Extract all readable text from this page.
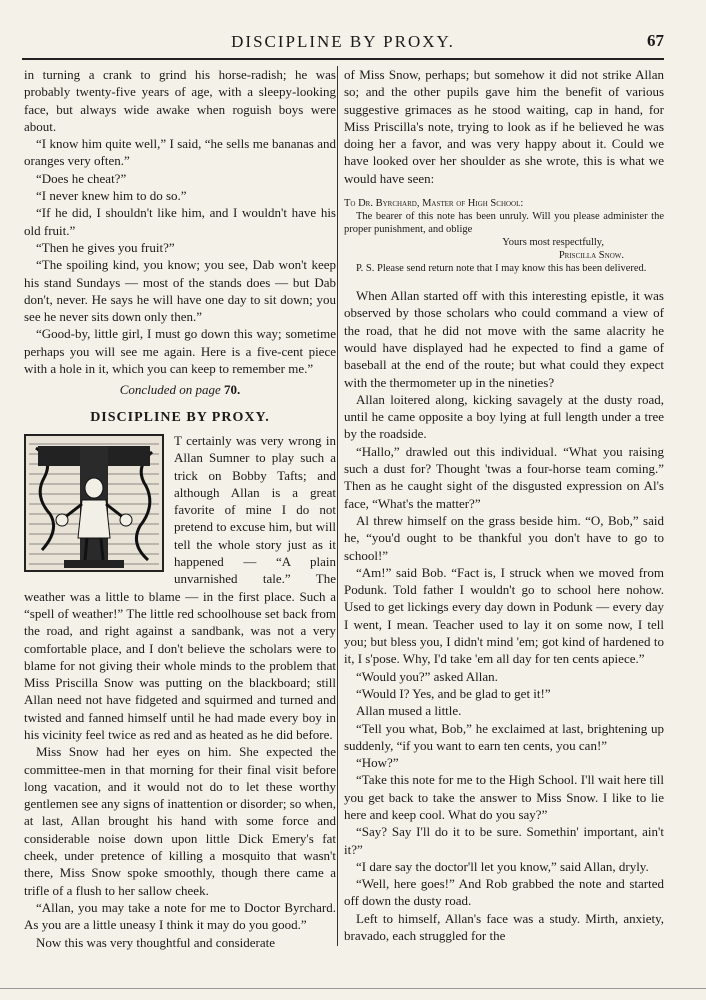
DISCIPLINE BY PROXY.	67

in turning a crank to grind his horse-radish; he was probably twenty-five years of age, with a sleepy-looking face, but always wide awake when roguish boys were about.

“I know him quite well,” I said, “he sells me bananas and oranges very often.”

“Does he cheat?”

“I never knew him to do so.”

“If he did, I shouldn't like him, and I wouldn't have his old fruit.”

“Then he gives you fruit?”

“The spoiling kind, you know; you see, Dab won't keep his stand Sundays — most of the stands does — but Dab don't, never. He says he will have one day to sit down; you see he never sits down only then.”

“Good-by, little girl, I must go down this way; sometime perhaps you will see me again. Here is a five-cent piece with a hole in it, which you can keep to remember me.”

Concluded on page 70.

DISCIPLINE BY PROXY.

T certainly was very wrong in Allan Sumner to play such a trick on Bobby Tafts; and although Allan is a great favorite of mine I do not pretend to excuse him, but will tell the whole story just as it happened — “A plain unvarnished tale.” The weather was a little to blame — in the first place. Such a “spell of weather!” The little red schoolhouse set back from the road, and right against a sandbank, was not a very comfortable place, and I don't believe the scholars were to blame for not giving their whole minds to the problem that Miss Priscilla Snow was putting on the blackboard; still Allan need not have fidgeted and squirmed and turned and twisted and fanned himself until he had made every boy in his vicinity feel twice as red and as heated as he did before.

Miss Snow had her eyes on him. She expected the committee-men in that morning for their final visit before long vacation, and it would not do to let these worthy gentlemen see any signs of inattention or disorder; so when, at last, Allan brought his hand with some force and considerable noise down upon little Dick Emery's fat cheek, under pretence of killing a mosquito that wasn't there, Miss Snow spoke smoothly, though there came a trifle of a flush to her sallow cheek.

“Allan, you may take a note for me to Doctor Byrchard. As you are a little uneasy I think it may do you good.”

Now this was very thoughtful and considerate

of Miss Snow, perhaps; but somehow it did not strike Allan so; and the other pupils gave him the benefit of various suggestive grimaces as he stood waiting, cap in hand, for Miss Priscilla's note, trying to look as if he believed he was doing her a favor, and was very happy about it. Could we have looked over her shoulder as she wrote, this is what we would have seen:

To Dr. Byrchard, Master of High School:

The bearer of this note has been unruly. Will you please administer the proper punishment, and oblige

Yours most respectfully,

Priscilla Snow.

P. S. Please send return note that I may know this has been delivered.

When Allan started off with this interesting epistle, it was observed by those scholars who could command a view of the road, that he did not move with the same alacrity he would have displayed had he expected to find a game of baseball at the end of the route; but what could they expect with the thermometer up in the nineties?

Allan loitered along, kicking savagely at the dusty road, until he came opposite a boy lying at full length under a tree by the roadside.

“Hallo,” drawled out this individual. “What you raising such a dust for? Thought 'twas a four-horse team coming.” Then as he caught sight of the disgusted expression on Al's face, “What's the matter?”

Al threw himself on the grass beside him. “O, Bob,” said he, “you'd ought to be thankful you don't have to go to school!”

“Am!” said Bob. “Fact is, I struck when we moved from Podunk. Told father I wouldn't go to school here nohow. Used to get lickings every day down in Podunk — every day I went, I mean. Teacher used to lay it on some now, I tell you; but bless you, I didn't mind 'em; got kind of hardened to it, I s'pose. Why, I'd take 'em all day for ten cents apiece.”

“Would you?” asked Allan.

“Would I? Yes, and be glad to get it!”

Allan mused a little.

“Tell you what, Bob,” he exclaimed at last, brightening up suddenly, “if you want to earn ten cents, you can!”

“How?”

“Take this note for me to the High School. I'll wait here till you get back to take the answer to Miss Snow. I like to lie here and keep cool. What do you say?”

“Say? Say I'll do it to be sure. Somethin' important, ain't it?”

“I dare say the doctor'll let you know,” said Allan, dryly.

“Well, here goes!” And Rob grabbed the note and started off down the dusty road.

Left to himself, Allan's face was a study. Mirth, anxiety, bravado, each struggled for the
